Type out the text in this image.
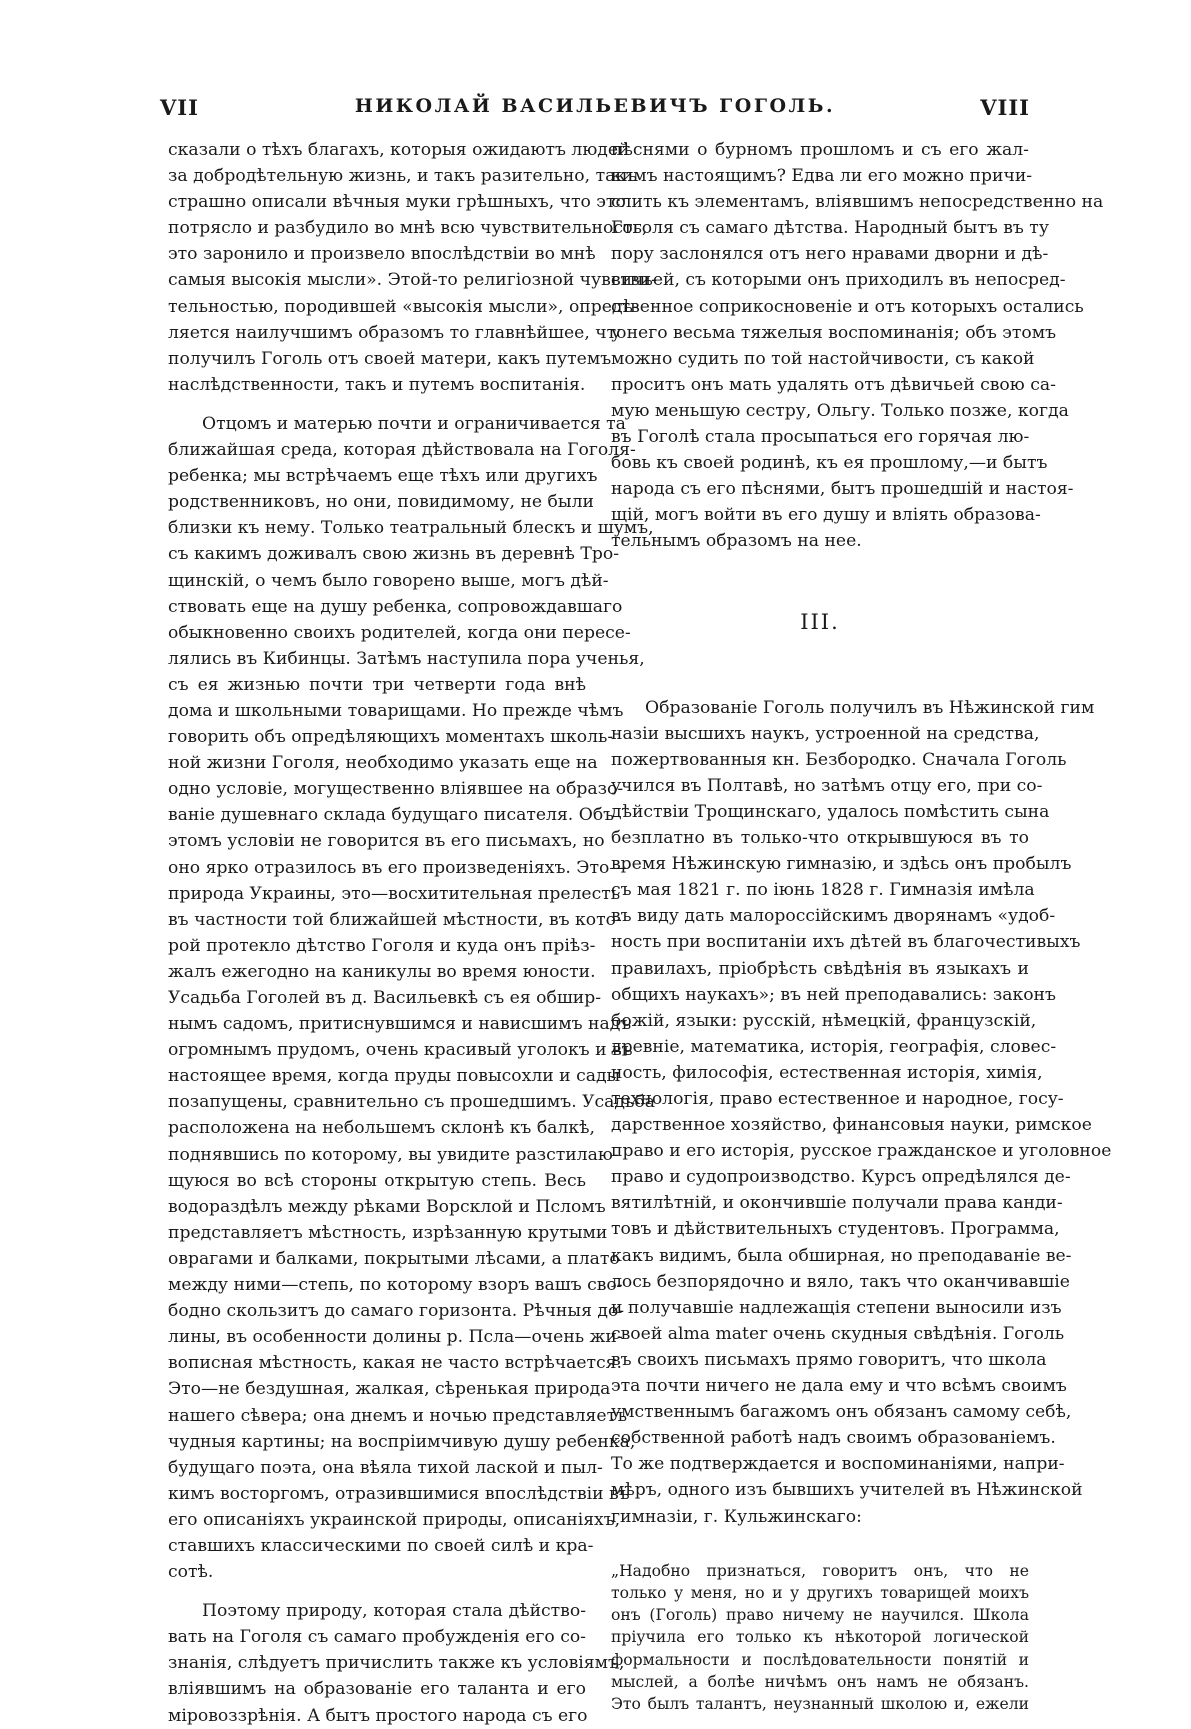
VII	НИКОЛАЙ ВАСИЛЬЕВИЧЪ ГОГОЛЬ.	VIII
сказали о тѣхъ благахъ, которыя ожидаютъ людей
за добродѣтельную жизнь, и такъ разительно, такъ
страшно описали вѣчныя муки грѣшныхъ, что это
потрясло и разбудило во мнѣ всю чувствительность,
это заронило и произвело впослѣдствіи во мнѣ
самыя высокія мысли». Этой-то религіозной чувстви-
тельностью, породившей «высокія мысли», опредѣ-
ляется наилучшимъ образомъ то главнѣйшее, что
получилъ Гоголь отъ своей матери, какъ путемъ
наслѣдственности, такъ и путемъ воспитанія.
Отцомъ и матерью почти и ограничивается та
ближайшая среда, которая дѣйствовала на Гоголя-
ребенка; мы встрѣчаемъ еще тѣхъ или другихъ
родственниковъ, но они, повидимому, не были
близки къ нему. Только театральный блескъ и шумъ,
съ какимъ доживалъ свою жизнь въ деревнѣ Тро-
щинскій, о чемъ было говорено выше, могъ дѣй-
ствовать еще на душу ребенка, сопровождавшаго
обыкновенно своихъ родителей, когда они пересе-
лялись въ Кибинцы. Затѣмъ наступила пора ученья,
съ ея жизнью почти три четверти года внѣ
дома и школьными товарищами. Но прежде чѣмъ
говорить объ опредѣляющихъ моментахъ школь-
ной жизни Гоголя, необходимо указать еще на
одно условіе, могущественно вліявшее на образо-
ваніе душевнаго склада будущаго писателя. Объ
этомъ условіи не говорится въ его письмахъ, но
оно ярко отразилось въ его произведеніяхъ. Это—
природа Украины, это—восхитительная прелесть
въ частности той ближайшей мѣстности, въ кото-
рой протекло дѣтство Гоголя и куда онъ пріѣз-
жалъ ежегодно на каникулы во время юности.
Усадьба Гоголей въ д. Васильевкѣ съ ея обшир-
нымъ садомъ, притиснувшимся и нависшимъ надъ
огромнымъ прудомъ, очень красивый уголокъ и въ
настоящее время, когда пруды повысохли и сады
позапущены, сравнительно съ прошедшимъ. Усадьба
расположена на небольшемъ склонѣ къ балкѣ,
поднявшись по которому, вы увидите разстилаю-
щуюся во всѣ стороны открытую степь. Весь
водораздѣлъ между рѣками Ворсклой и Псломъ
представляетъ мѣстность, изрѣзанную крутыми
оврагами и балками, покрытыми лѣсами, а плато
между ними—степь, по которому взоръ вашъ сво-
бодно скользитъ до самаго горизонта. Рѣчныя до-
лины, въ особенности долины р. Псла—очень жи-
вописная мѣстность, какая не часто встрѣчается.
Это—не бездушная, жалкая, сѣренькая природа
нашего сѣвера; она днемъ и ночью представляетъ
чудныя картины; на воспріимчивую душу ребенка,
будущаго поэта, она вѣяла тихой лаской и пыл-
кимъ восторгомъ, отразившимися впослѣдствіи въ
его описаніяхъ украинской природы, описаніяхъ,
ставшихъ классическими по своей силѣ и кра-
сотѣ.
Поэтому природу, которая стала дѣйство-
вать на Гоголя съ самаго пробужденія его со-
знанія, слѣдуетъ причислить также къ условіямъ,
вліявшимъ на образованіе его таланта и его
міровоззрѣнія. А бытъ простого народа съ его
пѣснями о бурномъ прошломъ и съ его жал-
кимъ настоящимъ? Едва ли его можно причи-
слить къ элементамъ, вліявшимъ непосредственно на
Гоголя съ самаго дѣтства. Народный бытъ въ ту
пору заслонялся отъ него нравами дворни и дѣ-
вичьей, съ которыми онъ приходилъ въ непосред-
ственное соприкосновеніе и отъ которыхъ остались
у него весьма тяжелыя воспоминанія; объ этомъ
можно судить по той настойчивости, съ какой
проситъ онъ мать удалять отъ дѣвичьей свою са-
мую меньшую сестру, Ольгу. Только позже, когда
въ Гоголѣ стала просыпаться его горячая лю-
бовь къ своей родинѣ, къ ея прошлому,—и бытъ
народа съ его пѣснями, бытъ прошедшій и настоя-
щій, могъ войти въ его душу и вліять образова-
тельнымъ образомъ на нее.
III.
Образованіе Гоголь получилъ въ Нѣжинской гим
назіи высшихъ наукъ, устроенной на средства,
пожертвованныя кн. Безбородко. Сначала Гоголь
учился въ Полтавѣ, но затѣмъ отцу его, при со-
дѣйствіи Трощинскаго, удалось помѣстить сына
безплатно въ только-что открывшуюся въ то
время Нѣжинскую гимназію, и здѣсь онъ пробылъ
съ мая 1821 г. по іюнь 1828 г. Гимназія имѣла
въ виду дать малороссійскимъ дворянамъ «удоб-
ность при воспитаніи ихъ дѣтей въ благочестивыхъ
правилахъ, пріобрѣсть свѣдѣнія въ языкахъ и
общихъ наукахъ»; въ ней преподавались: законъ
божій, языки: русскій, нѣмецкій, французскій,
древніе, математика, исторія, географія, словес-
ность, философія, естественная исторія, химія,
технологія, право естественное и народное, госу-
дарственное хозяйство, финансовыя науки, римское
право и его исторія, русское гражданское и уголовное
право и судопроизводство. Курсъ опредѣлялся де-
вятилѣтній, и окончившіе получали права канди-
товъ и дѣйствительныхъ студентовъ. Программа,
какъ видимъ, была обширная, но преподаваніе ве-
лось безпорядочно и вяло, такъ что оканчивавшіе
и получавшіе надлежащія степени выносили изъ
своей alma mater очень скудныя свѣдѣнія. Гоголь
въ своихъ письмахъ прямо говоритъ, что школа
эта почти ничего не дала ему и что всѣмъ своимъ
умственнымъ багажомъ онъ обязанъ самому себѣ,
собственной работѣ надъ своимъ образованіемъ.
То же подтверждается и воспоминаніями, напри-
мѣръ, одного изъ бывшихъ учителей въ Нѣжинской
гимназіи, г. Кульжинскаго:
„Надобно признаться, говоритъ онъ, что не
только у меня, но и у другихъ товарищей моихъ
онъ (Гоголь) право ничему не научился. Школа
пріучила его только къ нѣкоторой логической
формальности и послѣдовательности понятій и
мыслей, а болѣе ничѣмъ онъ намъ не обязанъ.
Это былъ талантъ, неузнанный школою и, ежели
